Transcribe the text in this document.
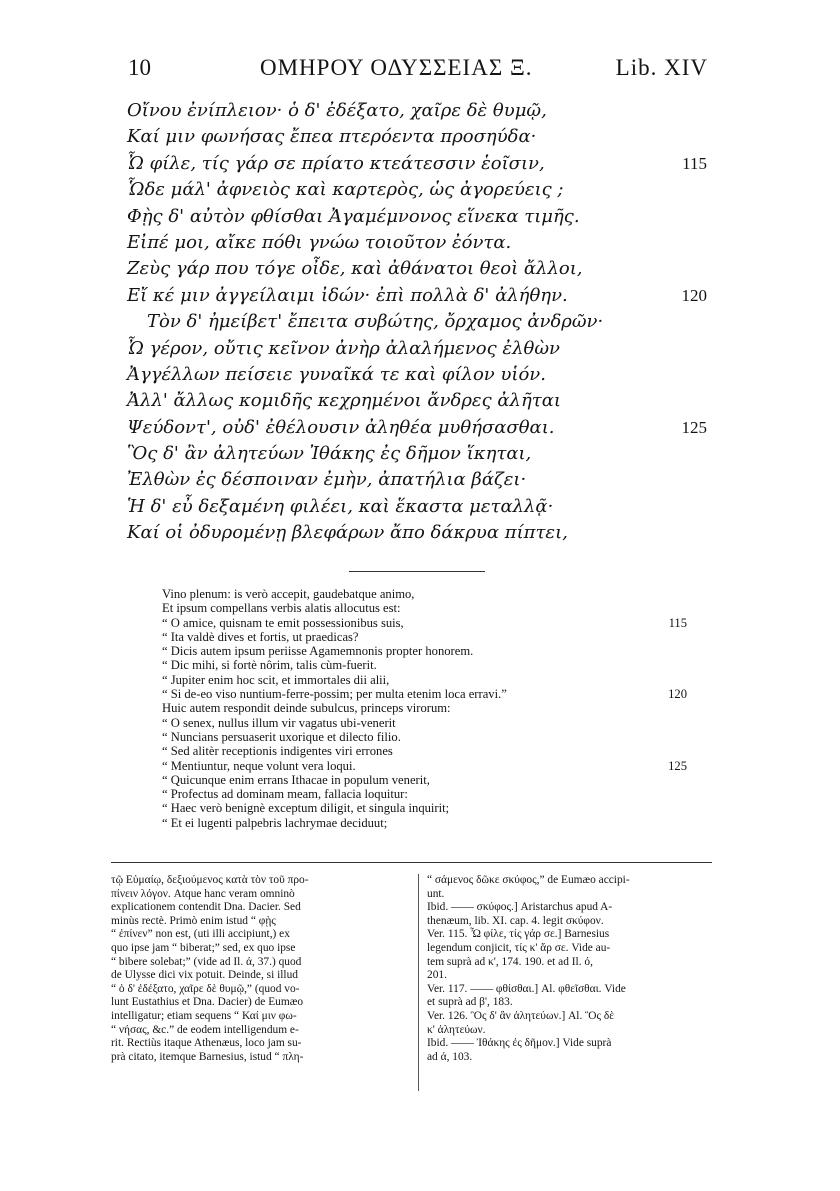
10	ΟΜΗΡΟΥ ΟΔΥΣΣΕΙΑΣ Ξ.	Lib. XIV
Οἴνου ἐνίπλειον· ὁ δ' ἐδέξατο, χαῖρε δὲ θυμῷ,
Καί μιν φωνήσας ἔπεα πτερόεντα προσηύδα·
Ὦ φίλε, τίς γάρ σε πρίατο κτεάτεσσιν ἑοῖσιν,	115
Ὧδε μάλ' ἀφνειὸς καὶ καρτερὸς, ὡς ἀγορεύεις ;
Φῂς δ' αὐτὸν φθίσθαι Ἀγαμέμνονος εἵνεκα τιμῆς.
Εἰπέ μοι, αἴκε πόθι γνώω τοιοῦτον ἐόντα.
Ζεὺς γάρ που τόγε οἶδε, καὶ ἀθάνατοι θεοὶ ἄλλοι,
Εἴ κέ μιν ἀγγείλαιμι ἰδών· ἐπὶ πολλὰ δ' ἀλήθην.	120
Τὸν δ' ἠμείβετ' ἔπειτα συβώτης, ὄρχαμος ἀνδρῶν·
Ὦ γέρον, οὔτις κεῖνον ἀνὴρ ἀλαλήμενος ἐλθὼν
Ἀγγέλλων πείσειε γυναῖκά τε καὶ φίλον υἱόν.
Ἀλλ' ἄλλως κομιδῆς κεχρημένοι ἄνδρες ἀλῆται
Ψεύδοντ', οὐδ' ἐθέλουσιν ἀληθέα μυθήσασθαι.	125
Ὃς δ' ἂν ἀλητεύων Ἰθάκης ἐς δῆμον ἵκηται,
Ἐλθὼν ἐς δέσποιναν ἐμὴν, ἀπατήλια βάζει·
Ἡ δ' εὖ δεξαμένη φιλέει, καὶ ἕκαστα μεταλλᾷ·
Καί οἱ ὀδυρομένῃ βλεφάρων ἄπο δάκρυα πίπτει,
Vino plenum: is verò accepit, gaudebatque animo,
Et ipsum compellans verbis alatis allocutus est:
“ O amice, quisnam te emit possessionibus suis,	115
“ Ita valdè dives et fortis, ut praedicas?
“ Dicis autem ipsum periisse Agamemnonis propter honorem.
“ Dic mihi, si fortè nôrim, talis cùm-fuerit.
“ Jupiter enim hoc scit, et immortales dii alii,
“ Si de-eo viso nuntium-ferre-possim; per multa etenim loca erravi.”	120
Huic autem respondit deinde subulcus, princeps virorum:
“ O senex, nullus illum vir vagatus ubi-venerit
“ Nuncians persuaserit uxorique et dilecto filio.
“ Sed alitèr receptionis indigentes viri errones
“ Mentiuntur, neque volunt vera loqui.	125
“ Quicunque enim errans Ithacae in populum venerit,
“ Profectus ad dominam meam, fallacia loquitur:
“ Haec verò benignè exceptum diligit, et singula inquirit;
“ Et ei lugenti palpebris lachrymae deciduut;
τῷ Εὐμαίῳ, δεξιούμενος κατὰ τὸν τοῦ προ-
πίνειν λόγον. Atque hanc veram omninò
explicationem contendit Dna. Dacier. Sed
minùs rectè. Primò enim istud “ φῂς
“ ἐπίνεν” non est, (uti illi accipiunt,) ex
quo ipse jam “ biberat;” sed, ex quo ipse
“ bibere solebat;” (vide ad Il. ά, 37.) quod
de Ulysse dici vix potuit. Deinde, si illud
“ ὁ δ' ἐδέξατο, χαῖρε δὲ θυμῷ,” (quod vo-
lunt Eustathius et Dna. Dacier) de Eumæo
intelligatur; etiam sequens “ Καί μιν φω-
“ νήσας, &c.” de eodem intelligendum e-
rit. Rectiùs itaque Athenæus, loco jam su-
prà citato, itemque Barnesius, istud “ πλη-
“ σάμενος δῶκε σκύφος,” de Eumæo accipi-
unt.
Ibid. —— σκύφος.] Aristarchus apud A-
thenæum, lib. XI. cap. 4. legit σκύφον.
Ver. 115. Ὦ φίλε, τίς γάρ σε.] Barnesius
legendum conjicit, τίς κ' ἄρ σε. Vide au-
tem suprà ad κ', 174. 190. et ad Il. ό,
201.
Ver. 117. —— φθίσθαι.] Al. φθεῖσθαι. Vide
et suprà ad β', 183.
Ver. 126. Ὃς δ' ἂν ἀλητεύων.] Al. Ὃς δὲ
κ' ἀλητεύων.
Ibid. —— Ἰθάκης ἐς δῆμον.] Vide suprà
ad ά, 103.
